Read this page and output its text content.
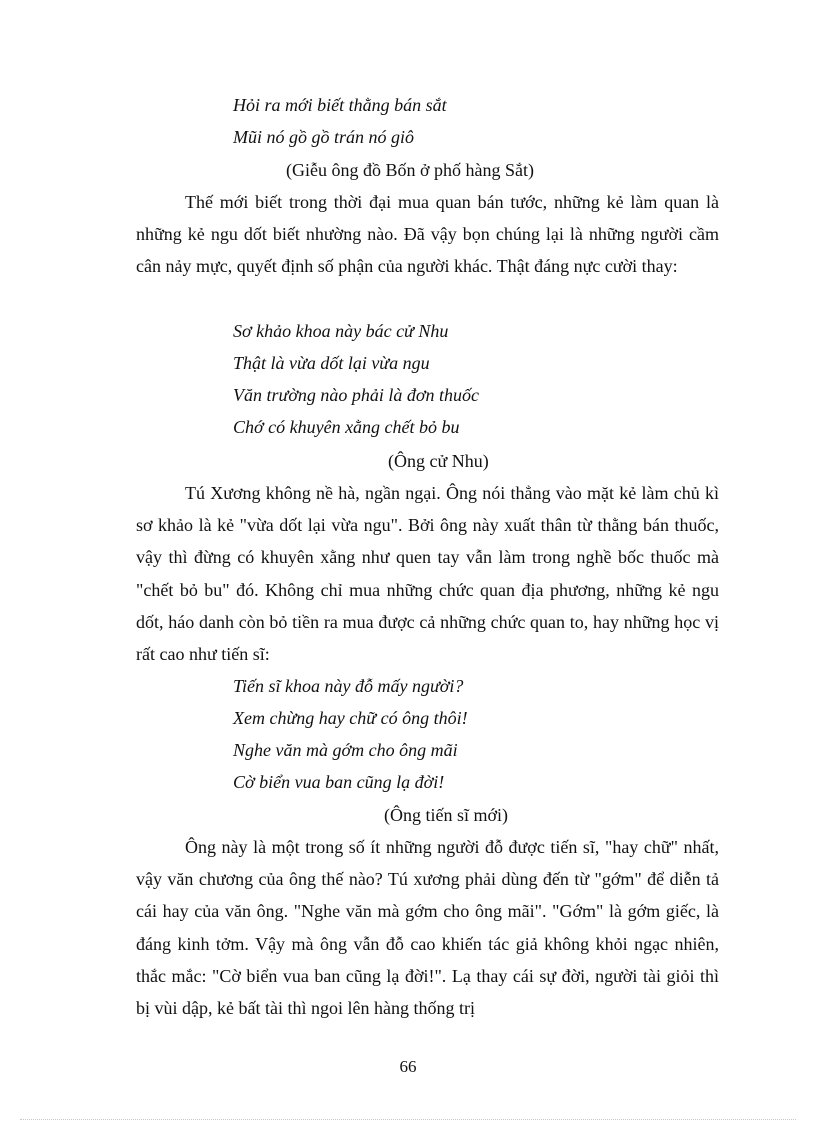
Hỏi ra mới biết thằng bán sắt
Mũi nó gồ gồ trán nó giô
(Giễu ông đồ Bốn ở phố hàng Sắt)

Thế mới biết trong thời đại mua quan bán tước, những kẻ làm quan là những kẻ ngu dốt biết nhường nào. Đã vậy bọn chúng lại là những người cầm cân nảy mực, quyết định số phận của người khác. Thật đáng nực cười thay:

Sơ khảo khoa này bác cử Nhu
Thật là vừa dốt lại vừa ngu
Văn trường nào phải là đơn thuốc
Chớ có khuyên xằng chết bỏ bu
(Ông cử Nhu)

Tú Xương không nề hà, ngần ngại. Ông nói thẳng vào mặt kẻ làm chủ kì sơ khảo là kẻ "vừa dốt lại vừa ngu". Bởi ông này xuất thân từ thằng bán thuốc, vậy thì đừng có khuyên xằng như quen tay vẫn làm trong nghề bốc thuốc mà "chết bỏ bu" đó. Không chỉ mua những chức quan địa phương, những kẻ ngu dốt, háo danh còn bỏ tiền ra mua được cả những chức quan to, hay những học vị rất cao như tiến sĩ:

Tiến sĩ khoa này đỗ mấy người?
Xem chừng hay chữ có ông thôi!
Nghe văn mà gớm cho ông mãi
Cờ biển vua ban cũng lạ đời!
(Ông tiến sĩ mới)

Ông này là một trong số ít những người đỗ được tiến sĩ, "hay chữ" nhất, vậy văn chương của ông thế nào? Tú xương phải dùng đến từ "gớm" để diễn tả cái hay của văn ông. "Nghe văn mà gớm cho ông mãi". "Gớm" là gớm giếc, là đáng kinh tởm. Vậy mà ông vẫn đỗ cao khiến tác giả không khỏi ngạc nhiên, thắc mắc: "Cờ biển vua ban cũng lạ đời!". Lạ thay cái sự đời, người tài giỏi thì bị vùi dập, kẻ bất tài thì ngoi lên hàng thống trị

66
